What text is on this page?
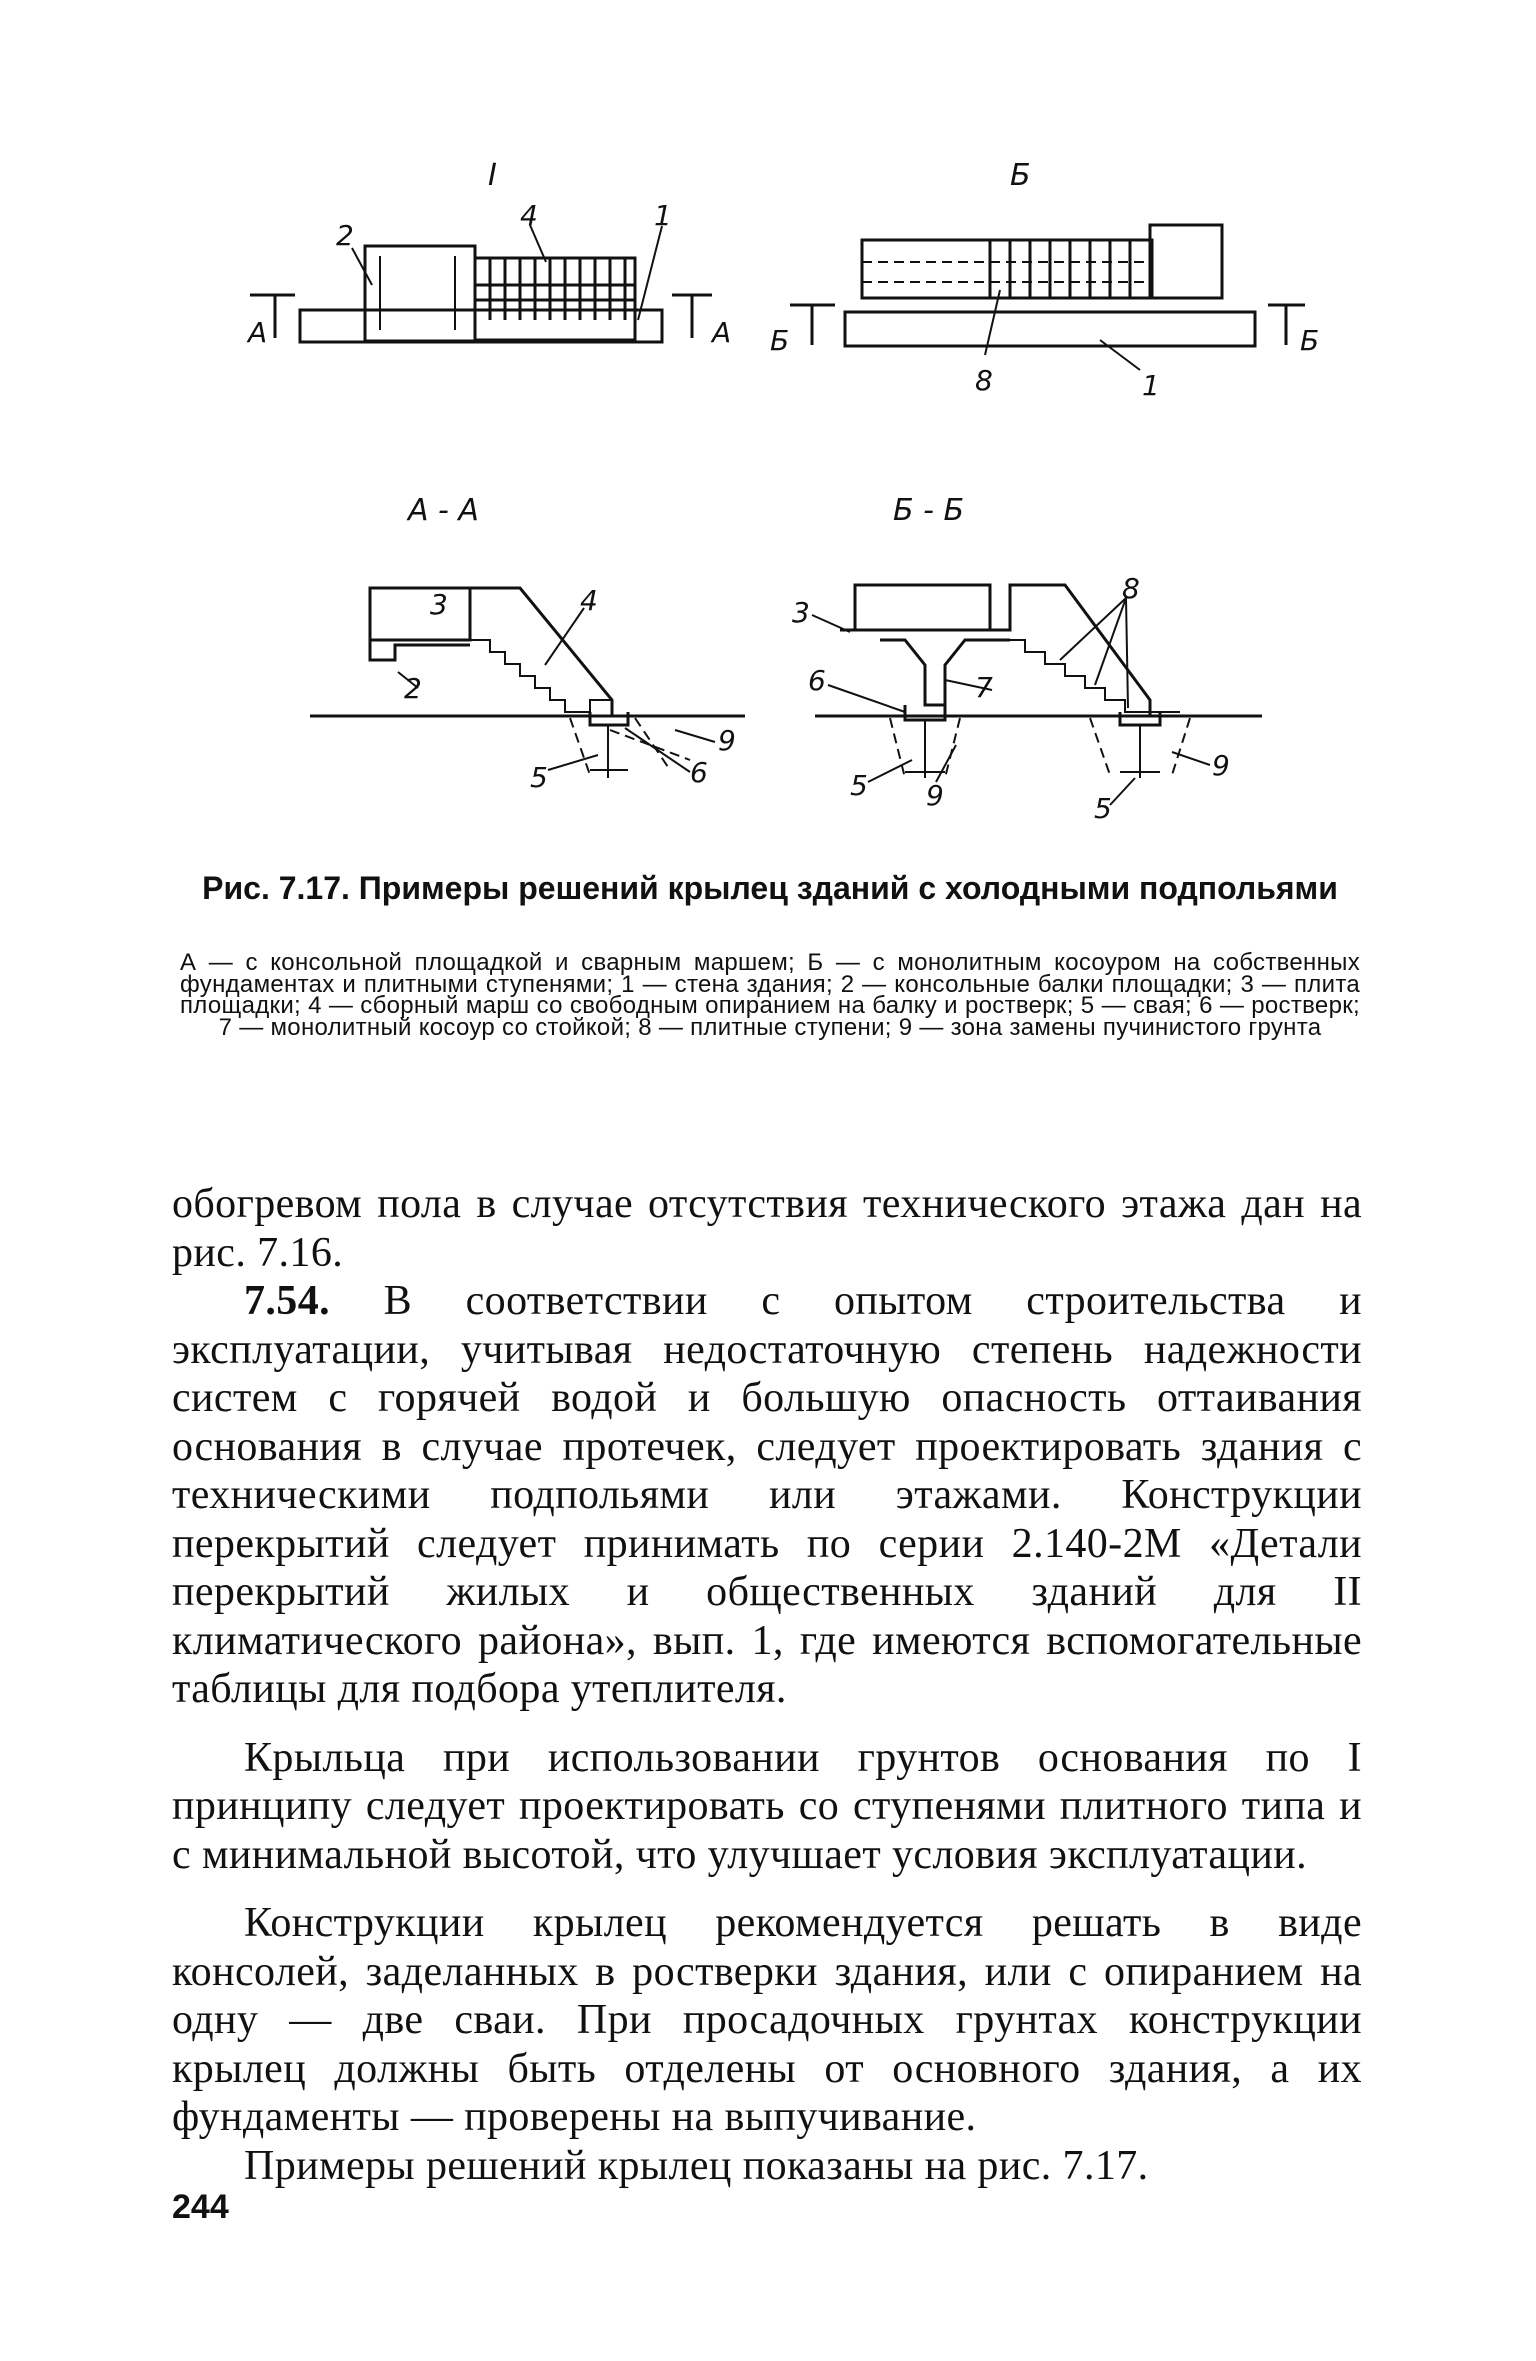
I
А	А
2
4	1
Б
Б	Б
8	1
А - А	Б - Б
3
2
4
5
9
6
3
6	7
8
5 9	5
9
Рис. 7.17. Примеры решений крылец зданий с холодными подпольями
А — с консольной площадкой и сварным маршем; Б — с монолитным косоуром на собственных фундаментах и плитными ступенями; 1 — стена здания; 2 — консольные балки площадки; 3 — плита площадки; 4 — сборный марш со свободным опиранием на балку и ростверк; 5 — свая; 6 — ростверк; 7 — монолитный косоур со стойкой; 8 — плитные ступени; 9 — зона замены пучинистого грунта

обогревом пола в случае отсутствия технического этажа дан на рис. 7.16.

7.54. В соответствии с опытом строительства и эксплуатации, учитывая недостаточную степень надежности систем с горячей водой и большую опасность оттаивания основания в случае протечек, следует проектировать здания с техническими подпольями или этажами. Конструкции перекрытий следует принимать по серии 2.140-2М «Детали перекрытий жилых и общественных зданий для II климатического района», вып. 1, где имеются вспомогательные таблицы для подбора утеплителя.

Крыльца при использовании грунтов основания по I принципу следует проектировать со ступенями плитного типа и с минимальной высотой, что улучшает условия эксплуатации.

Конструкции крылец рекомендуется решать в виде консолей, заделанных в ростверки здания, или с опиранием на одну — две сваи. При просадочных грунтах конструкции крылец должны быть отделены от основного здания, а их фундаменты — проверены на выпучивание.

Примеры решений крылец показаны на рис. 7.17.

244
